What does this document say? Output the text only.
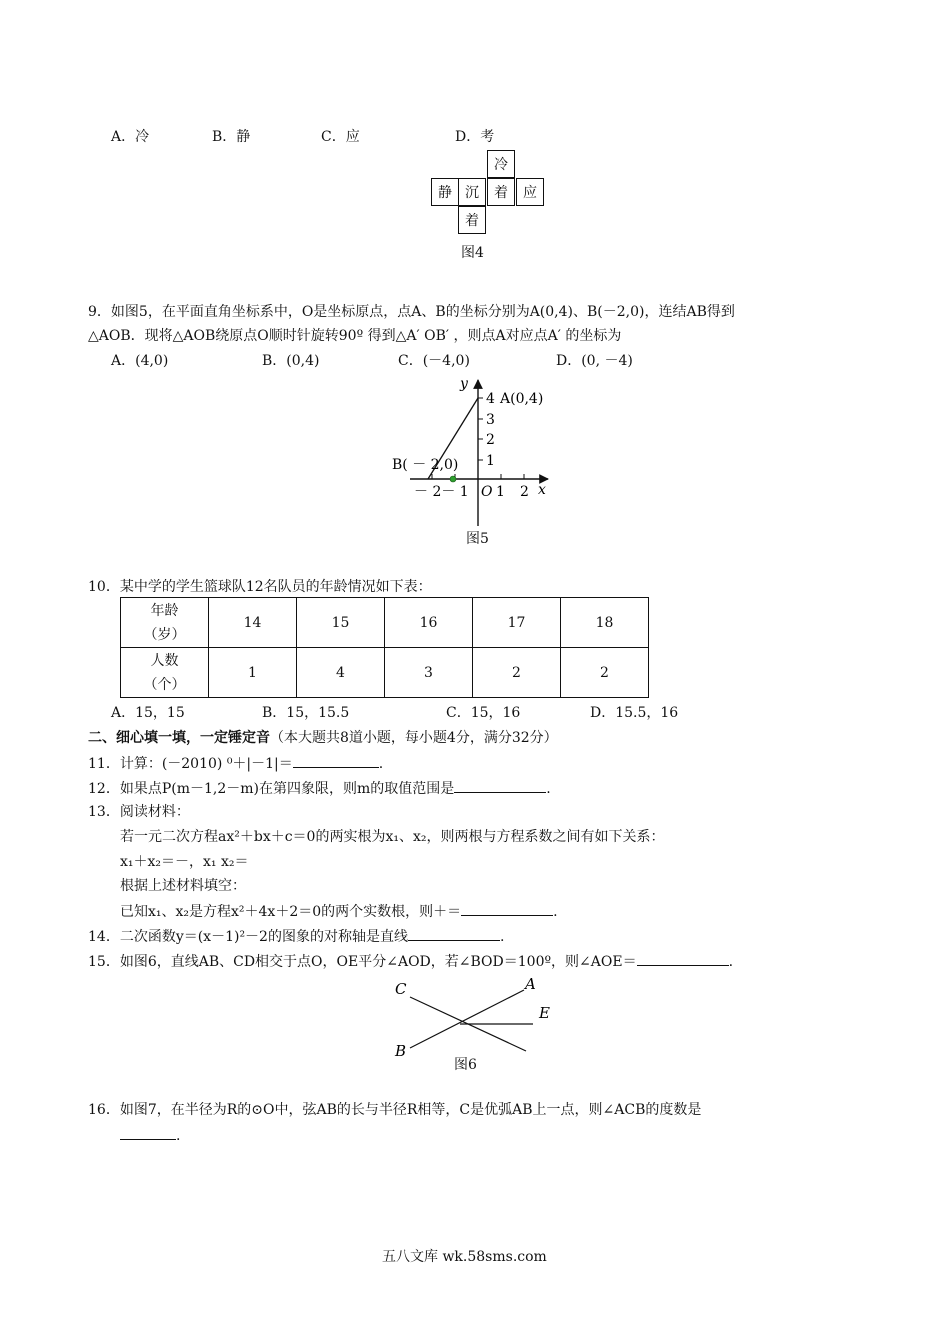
A．冷	B．静	C．应	D．考
冷
静 沉	着	应
着
图4
9．如图5，在平面直角坐标系中，O是坐标原点，点A、B的坐标分别为A(0,4)、B(－2,0)，连结AB得到
△AOB．现将△AOB绕原点O顺时针旋转90º 得到△A′ OB′ ，则点A对应点A′ 的坐标为
A．(4,0)	B．(0,4)	C．(－4,0)	D．(0, －4)
y
x
O
A(0,4)
B( － 2,0)
4
3
2
1
－ 2－ 1 1 2
图5
10．某中学的学生篮球队12名队员的年龄情况如下表：
年龄
（岁）	14	15	16	17	18

人数
（个）	1	4	3	2	2
A．15，15	B．15，15.5	C．15，16	D．15.5，16
二、细心填一填，一定锤定音（本大题共8道小题，每小题4分，满分32分）
11．计算：(－2010) ⁰＋|－1|＝	.
12．如果点P(m－1,2－m)在第四象限，则m的取值范围是	.
13．阅读材料：
若一元二次方程ax²＋bx＋c＝0的两实根为x₁、x₂，则两根与方程系数之间有如下关系：
x₁＋x₂＝－，x₁ x₂＝
根据上述材料填空：
已知x₁、x₂是方程x²＋4x＋2＝0的两个实数根，则＋＝	.
14．二次函数y＝(x－1)²－2的图象的对称轴是直线	.
15．如图6，直线AB、CD相交于点O，OE平分∠AOD，若∠BOD＝100º，则∠AOE＝	.
C	A
E
B
图6
16．如图7，在半径为R的⊙O中，弦AB的长与半径R相等，C是优弧AB上一点，则∠ACB的度数是
.
五八文库 wk.58sms.com
